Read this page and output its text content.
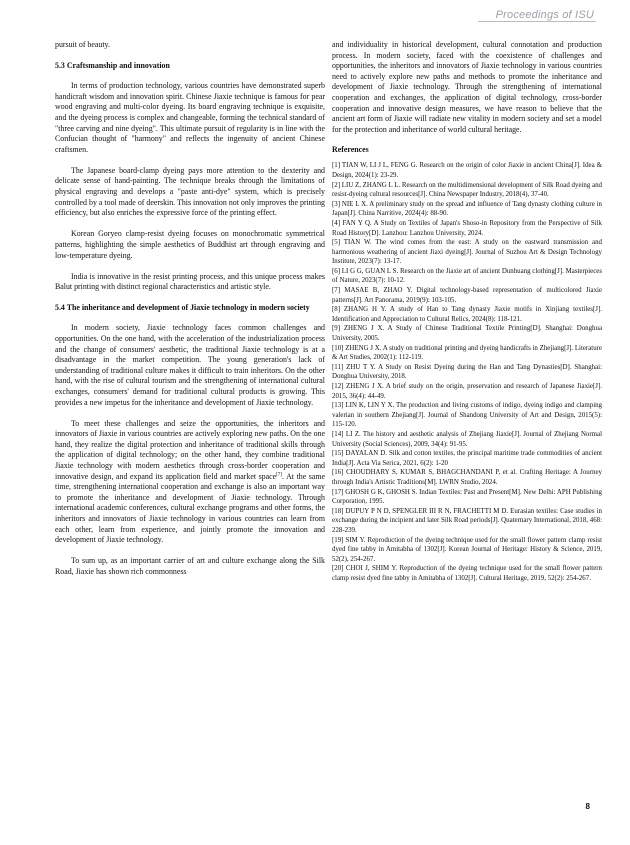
Proceedings of ISU

pursuit of beauty.

5.3 Craftsmanship and innovation

In terms of production technology, various countries have demonstrated superb handicraft wisdom and innovation spirit. Chinese Jiaxie technique is famous for pear wood engraving and multi-color dyeing. Its board engraving technique is exquisite, and the dyeing process is complex and changeable, forming the technical standard of "three carving and nine dyeing". This ultimate pursuit of regularity is in line with the Confucian thought of "harmony" and reflects the ingenuity of ancient Chinese craftsmen.

The Japanese board-clamp dyeing pays more attention to the dexterity and delicate sense of hand-painting. The technique breaks through the limitations of physical engraving and develops a "paste anti-dye" system, which is precisely controlled by a tool made of deerskin. This innovation not only improves the printing efficiency, but also enriches the expressive force of the printing effect.

Korean Goryeo clamp-resist dyeing focuses on monochromatic symmetrical patterns, highlighting the simple aesthetics of Buddhist art through engraving and low-temperature dyeing.

India is innovative in the resist printing process, and this unique process makes Balut printing with distinct regional characteristics and artistic style.

5.4 The inheritance and development of Jiaxie technology in modern society

In modern society, Jiaxie technology faces common challenges and opportunities. On the one hand, with the acceleration of the industrialization process and the change of consumers' aesthetic, the traditional Jiaxie technology is at a disadvantage in the market competition. The young generation's lack of understanding of traditional culture makes it difficult to train inheritors. On the other hand, with the rise of cultural tourism and the strengthening of international cultural exchanges, consumers' demand for traditional cultural products is growing. This provides a new impetus for the inheritance and development of Jiaxie technology.

To meet these challenges and seize the opportunities, the inheritors and innovators of Jiaxie in various countries are actively exploring new paths. On the one hand, they realize the digital protection and inheritance of traditional skills through the application of digital technology; on the other hand, they combine traditional Jiaxie technology with modern aesthetics through cross-border cooperation and innovative design, and expand its application field and market space[7]. At the same time, strengthening international cooperation and exchange is also an important way to promote the inheritance and development of Jiaxie technology. Through international academic conferences, cultural exchange programs and other forms, the inheritors and innovators of Jiaxie technology in various countries can learn from each other, learn from experience, and jointly promote the innovation and development of Jiaxie technology.

To sum up, as an important carrier of art and culture exchange along the Silk Road, Jiaxie has shown rich commonness

and individuality in historical development, cultural connotation and production process. In modern society, faced with the coexistence of challenges and opportunities, the inheritors and innovators of Jiaxie technology in various countries need to actively explore new paths and methods to promote the inheritance and development of Jiaxie technology. Through the strengthening of international cooperation and exchanges, the application of digital technology, cross-border cooperation and innovative design measures, we have reason to believe that the ancient art form of Jiaxie will radiate new vitality in modern society and set a model for the protection and inheritance of world cultural heritage.

References

[1] TIAN W, LI J L, FENG G. Research on the origin of color Jiaxie in ancient China[J]. Idea & Design, 2024(1): 23-29.

[2] LIU Z, ZHANG L L. Research on the multidimensional development of Silk Road dyeing and resist-dyeing cultural resources[J]. China Newspaper Industry, 2018(4), 37-40.

[3] NIE L X. A preliminary study on the spread and influence of Tang dynasty clothing culture in Japan[J]. China Narritive, 2024(4): 88-90.

[4] FAN Y Q. A Study on Textiles of Japan's Shoso-in Repository from the Perspective of Silk Road History[D]. Lanzhou: Lanzhou University, 2024.

[5] TIAN W. The wind comes from the east: A study on the eastward transmission and harmonious weathering of ancient Jiaxi dyeing[J]. Journal of Suzhou Art & Design Technology Institute, 2023(7): 13-17.

[6] LI G G, GUAN L S. Research on the Jiaxie art of ancient Dunhuang clothing[J]. Masterpieces of Nature, 2023(7): 10-12.

[7] MASAE B, ZHAO Y. Digital technology-based representation of multicolored Jiaxie patterns[J]. Art Panorama, 2019(9): 103-105.

[8] ZHANG H Y. A study of Han to Tang dynasty Jiaxie motifs in Xinjiang textiles[J]. Identification and Appreciation to Cultural Relics, 2024(8): 118-121.

[9] ZHENG J X. A Study of Chinese Traditional Textile Printing[D]. Shanghai: Donghua University, 2005.

[10] ZHENG J X. A study on traditional printing and dyeing handicrafts in Zhejiang[J]. Literature & Art Studies, 2002(1): 112-119.

[11] ZHU T Y. A Study on Resist Dyeing during the Han and Tang Dynasties[D]. Shanghai: Donghua University, 2018.

[12] ZHENG J X. A brief study on the origin, preservation and research of Japanese Jiaxie[J]. 2015, 36(4): 44-49.

[13] LIN K, LIN Y X. The production and living customs of indigo, dyeing indigo and clamping valerian in southern Zhejiang[J]. Journal of Shandong University of Art and Design, 2015(5): 115-120.

[14] LI Z. The history and aesthetic analysis of Zhejiang Jiaxie[J]. Journal of Zhejiang Normal University (Social Sciences), 2009, 34(4): 91-95.

[15] DAYALAN D. Silk and cotton textiles, the principal maritime trade commodities of ancient India[J]. Acta Via Serica, 2021, 6(2): 1-20

[16] CHOUDHARY S, KUMAR S, BHAGCHANDANI P, et al. Crafting Heritage: A Journey through India's Artistic Traditions[M]. LWRN Studio, 2024.

[17] GHOSH G K, GHOSH S. Indian Textiles: Past and Present[M]. New Delhi: APH Publishing Corporation, 1995.

[18] DUPUY P N D, SPENGLER III R N, FRACHETTI M D. Eurasian textiles: Case studies in exchange during the incipient and later Silk Road periods[J]. Quaternary International, 2018, 468: 228-239.

[19] SIM Y. Reproduction of the dyeing technique used for the small flower pattern clamp resist dyed fine tabby in Amitabha of 1302[J]. Korean Journal of Heritage: History & Science, 2019, 52(2), 254-267.

[20] CHOI J, SHIM Y. Reproduction of the dyeing technique used for the small flower pattern clamp resist dyed fine tabby in Amitabha of 1302[J]. Cultural Heritage, 2019, 52(2): 254-267.

8
